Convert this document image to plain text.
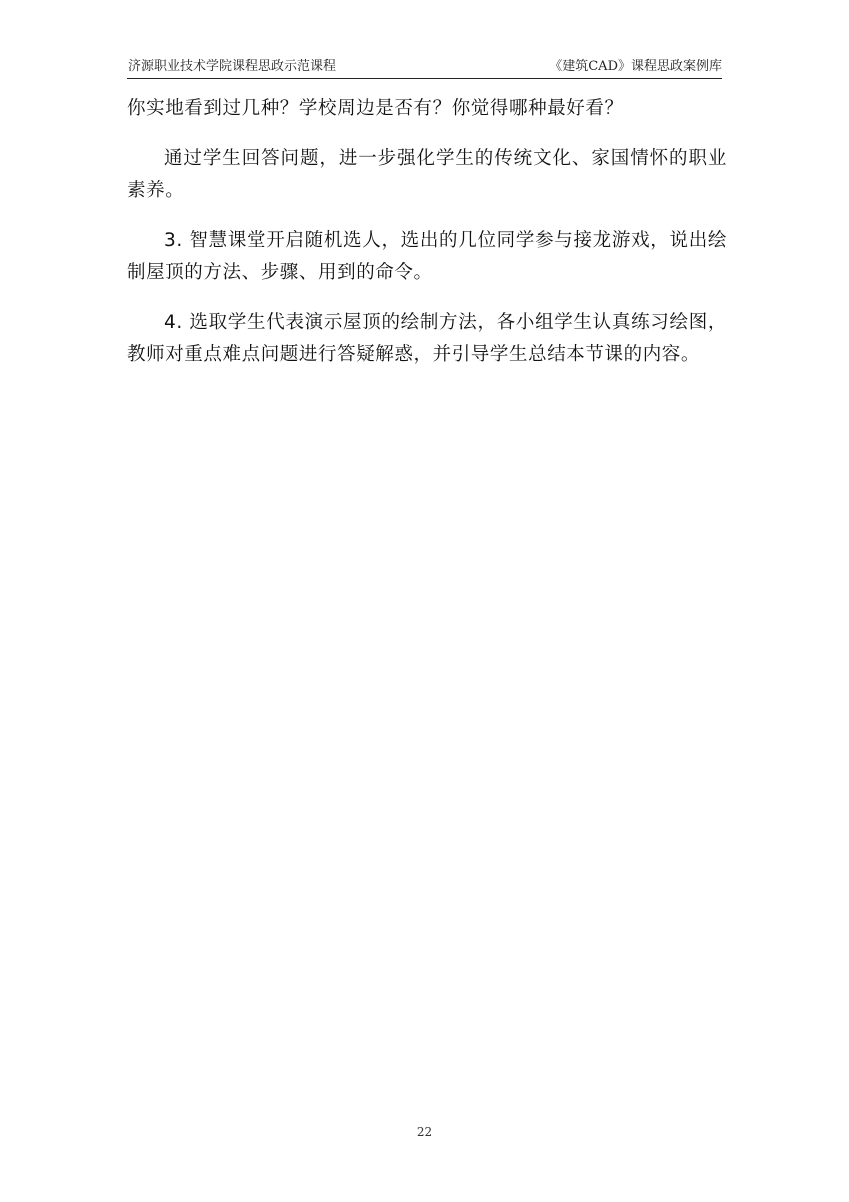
济源职业技术学院课程思政示范课程	《建筑CAD》课程思政案例库

你实地看到过几种？学校周边是否有？你觉得哪种最好看？

通过学生回答问题，进一步强化学生的传统文化、家国情怀的职业素养。

3. 智慧课堂开启随机选人，选出的几位同学参与接龙游戏，说出绘制屋顶的方法、步骤、用到的命令。

4. 选取学生代表演示屋顶的绘制方法，各小组学生认真练习绘图，教师对重点难点问题进行答疑解惑，并引导学生总结本节课的内容。

22
